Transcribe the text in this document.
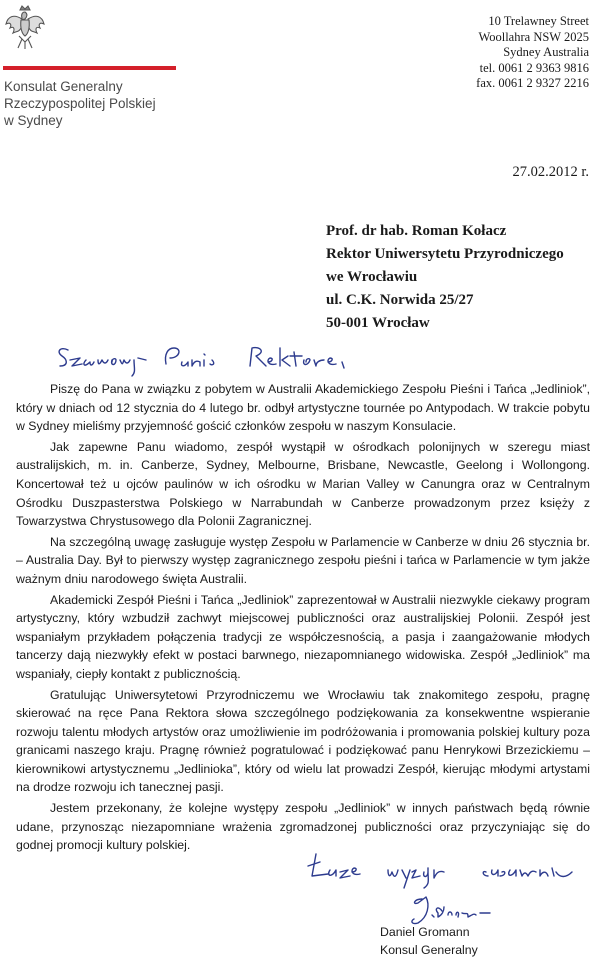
Konsulat Generalny
Rzeczypospolitej Polskiej
w Sydney
10 Trelawney Street
Woollahra NSW 2025
Sydney Australia
tel. 0061 2 9363 9816
fax. 0061 2 9327 2216
27.02.2012 r.
Prof. dr hab. Roman Kołacz
Rektor Uniwersytetu Przyrodniczego
we Wrocławiu
ul. C.K. Norwida 25/27
50-001 Wrocław

Piszę do Pana w związku z pobytem w Australii Akademickiego Zespołu Pieśni i Tańca „Jedliniok”, który w dniach od 12 stycznia do 4 lutego br. odbył artystyczne tournée po Antypodach. W trakcie pobytu w Sydney mieliśmy przyjemność gościć członków zespołu w naszym Konsulacie.

Jak zapewne Panu wiadomo, zespół wystąpił w ośrodkach polonijnych w szeregu miast australijskich, m. in. Canberze, Sydney, Melbourne, Brisbane, Newcastle, Geelong i Wollongong. Koncertował też u ojców paulinów w ich ośrodku w Marian Valley w Canungra oraz w Centralnym Ośrodku Duszpasterstwa Polskiego w Narrabundah w Canberze prowadzonym przez księży z Towarzystwa Chrystusowego dla Polonii Zagranicznej.

Na szczególną uwagę zasługuje występ Zespołu w Parlamencie w Canberze w dniu 26 stycznia br. – Australia Day. Był to pierwszy występ zagranicznego zespołu pieśni i tańca w Parlamencie w tym jakże ważnym dniu narodowego święta Australii.

Akademicki Zespół Pieśni i Tańca „Jedliniok” zaprezentował w Australii niezwykle ciekawy program artystyczny, który wzbudził zachwyt miejscowej publiczności oraz australijskiej Polonii. Zespół jest wspaniałym przykładem połączenia tradycji ze współczesnością, a pasja i zaangażowanie młodych tancerzy dają niezwykły efekt w postaci barwnego, niezapomnianego widowiska. Zespół „Jedliniok” ma wspaniały, ciepły kontakt z publicznością.

Gratulując Uniwersytetowi Przyrodniczemu we Wrocławiu tak znakomitego zespołu, pragnę skierować na ręce Pana Rektora słowa szczególnego podziękowania za konsekwentne wspieranie rozwoju talentu młodych artystów oraz umożliwienie im podróżowania i promowania polskiej kultury poza granicami naszego kraju. Pragnę również pogratulować i podziękować panu Henrykowi Brzezickiemu – kierownikowi artystycznemu „Jedlinioka”, który od wielu lat prowadzi Zespół, kierując młodymi artystami na drodze rozwoju ich tanecznej pasji.

Jestem przekonany, że kolejne występy zespołu „Jedliniok” w innych państwach będą równie udane, przynosząc niezapomniane wrażenia zgromadzonej publiczności oraz przyczyniając się do godnej promocji kultury polskiej.

Daniel Gromann
Konsul Generalny
